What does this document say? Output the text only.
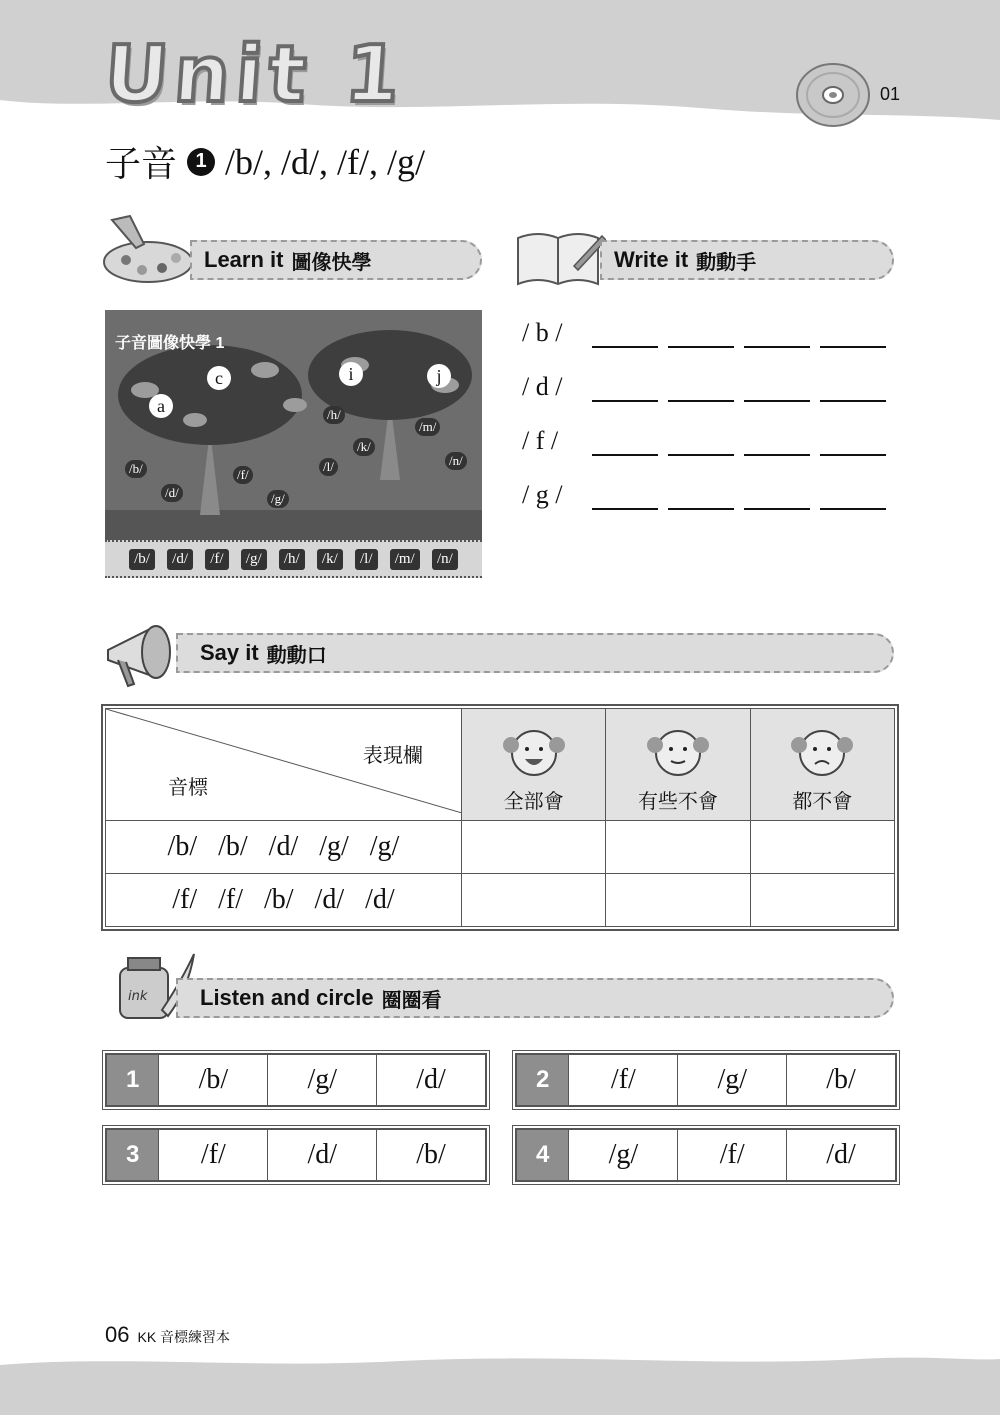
Unit 1	01
子音 1 /b/, /d/, /f/, /g/
Learn it 圖像快學	Write it 動動手
子音圖像快學 1
a
c	i	j
/h/
/m/
/k/
/b/
/d/
/f/
/g/
/l/	/n/
/b/	/d/	/f/	/g/	/h/	/k/	/l/	/m/	/n/
/ b /
/ d /
/ f /
/ g /
Say it 動動口
表現欄
音標	全部會	有些不會	都不會
/b/   /b/   /d/   /g/   /g/			
/f/   /f/   /b/   /d/   /d/			
ink Listen and circle 圈圈看
1	/b/	/g/	/d/	2	/f/	/g/	/b/
3	/f/	/d/	/b/	4	/g/	/f/	/d/
06 KK 音標練習本
